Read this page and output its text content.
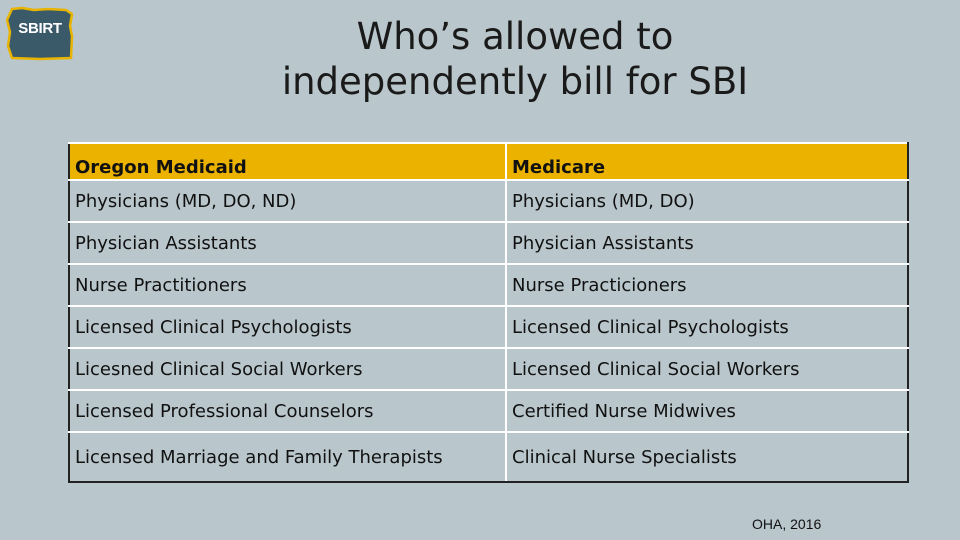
SBIRT	Who’s allowed to
independently bill for SBI
Oregon Medicaid	Medicare
Physicians (MD, DO, ND)	Physicians (MD, DO)
Physician Assistants	Physician Assistants
Nurse Practitioners	Nurse Practicioners
Licensed Clinical Psychologists	Licensed Clinical Psychologists
Licesned Clinical Social Workers	Licensed Clinical Social Workers
Licensed Professional Counselors	Certified Nurse Midwives
Licensed Marriage and Family Therapists	Clinical Nurse Specialists
OHA, 2016
